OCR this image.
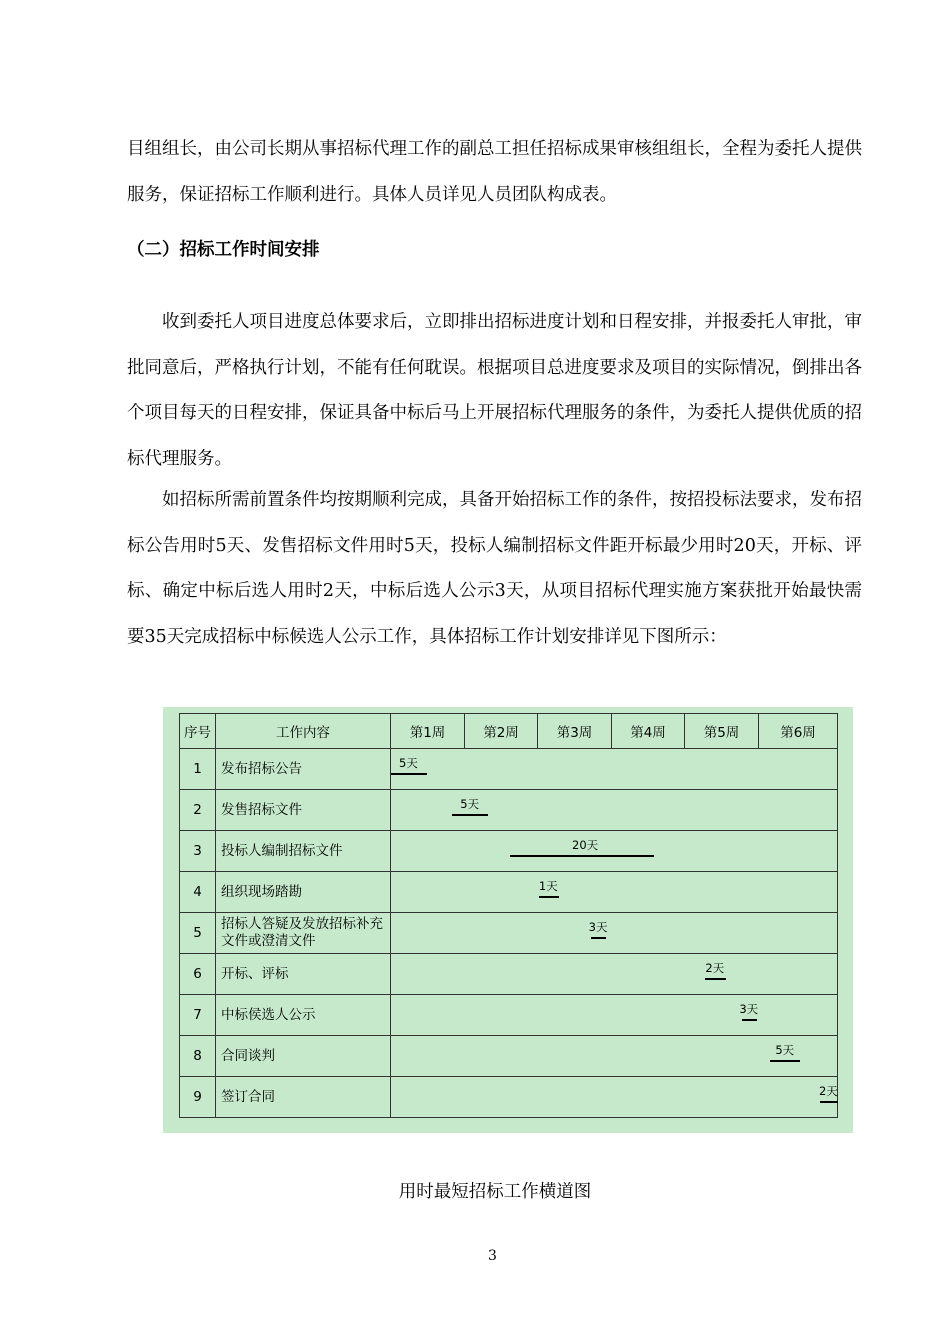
目组组长，由公司长期从事招标代理工作的副总工担任招标成果审核组组长，全程为委托人提供服务，保证招标工作顺利进行。具体人员详见人员团队构成表。

（二）招标工作时间安排

　　收到委托人项目进度总体要求后，立即排出招标进度计划和日程安排，并报委托人审批，审批同意后，严格执行计划，不能有任何耽误。根据项目总进度要求及项目的实际情况，倒排出各个项目每天的日程安排，保证具备中标后马上开展招标代理服务的条件，为委托人提供优质的招标代理服务。

　　如招标所需前置条件均按期顺利完成，具备开始招标工作的条件，按招投标法要求，发布招标公告用时5天、发售招标文件用时5天，投标人编制招标文件距开标最少用时20天，开标、评标、确定中标后选人用时2天，中标后选人公示3天，从项目招标代理实施方案获批开始最快需要35天完成招标中标候选人公示工作，具体招标工作计划安排详见下图所示：

序号	工作内容	第1周	第2周	第3周	第4周	第5周	第6周
1	发布招标公告	5天					

2	发售招标文件	5天					

3	投标人编制招标文件	20天					

4	组织现场踏勘	1天					

5	招标人答疑及发放招标补充文件或澄清文件	3天					

6	开标、评标	2天					

7	中标侯选人公示	3天					

8	合同谈判	5天					

9	签订合同	2天					
用时最短招标工作横道图
3
